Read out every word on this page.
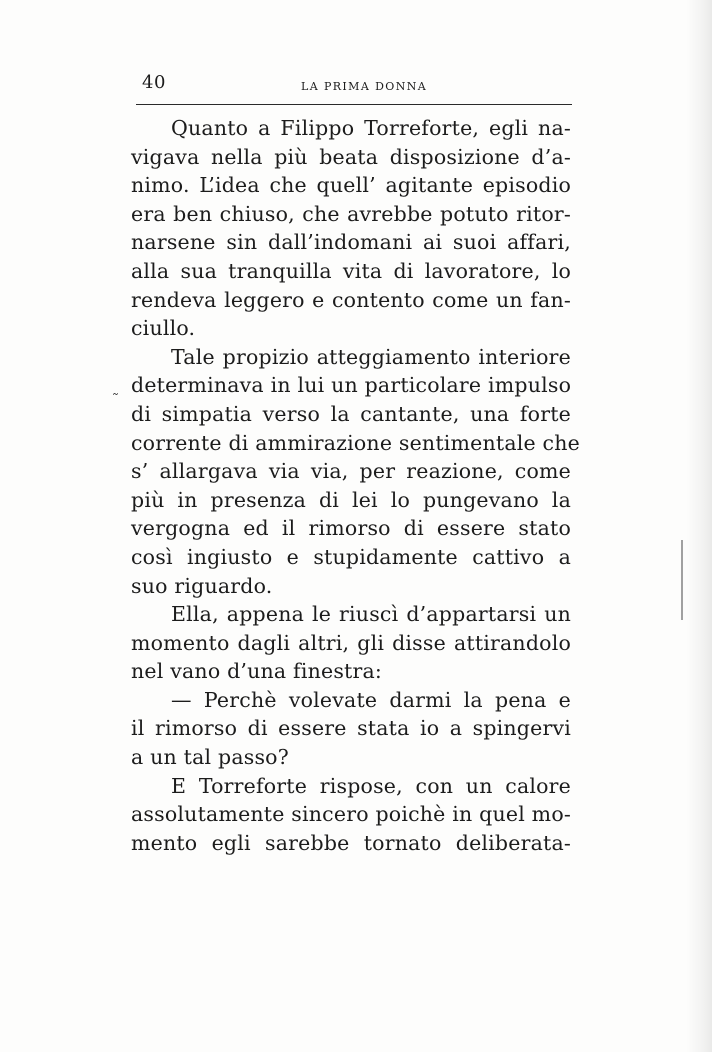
40	LA PRIMA DONNA
˜
Quanto a Filippo Torreforte, egli na-
vigava nella più beata disposizione d’a-
nimo. L’idea che quell’ agitante episodio
era ben chiuso, che avrebbe potuto ritor-
narsene sin dall’indomani ai suoi affari,
alla sua tranquilla vita di lavoratore, lo
rendeva leggero e contento come un fan-
ciullo.
Tale propizio atteggiamento interiore
determinava in lui un particolare impulso
di simpatia verso la cantante, una forte
corrente di ammirazione sentimentale che
s’ allargava via via, per reazione, come
più in presenza di lei lo pungevano la
vergogna ed il rimorso di essere stato
così ingiusto e stupidamente cattivo a
suo riguardo.
Ella, appena le riuscì d’appartarsi un
momento dagli altri, gli disse attirandolo
nel vano d’una finestra:
— Perchè volevate darmi la pena e
il rimorso di essere stata io a spingervi
a un tal passo?
E Torreforte rispose, con un calore
assolutamente sincero poichè in quel mo-
mento egli sarebbe tornato deliberata-
